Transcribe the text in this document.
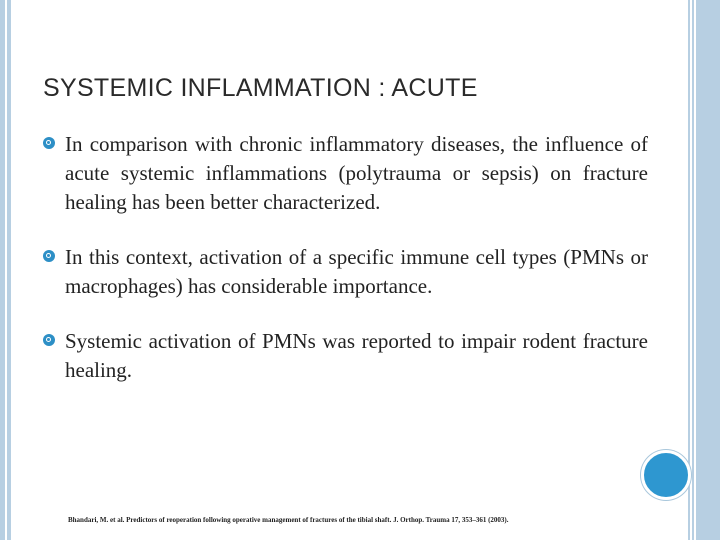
SYSTEMIC INFLAMMATION : ACUTE
In comparison with chronic inflammatory diseases, the influence of acute systemic inflammations (polytrauma or sepsis) on fracture healing has been better characterized.
In this context, activation of a specific immune cell types (PMNs or macrophages) has considerable importance.
Systemic activation of PMNs was reported to impair rodent fracture healing.
Bhandari, M. et al. Predictors of reoperation following operative management of fractures of the tibial shaft. J. Orthop. Trauma 17, 353–361 (2003).
